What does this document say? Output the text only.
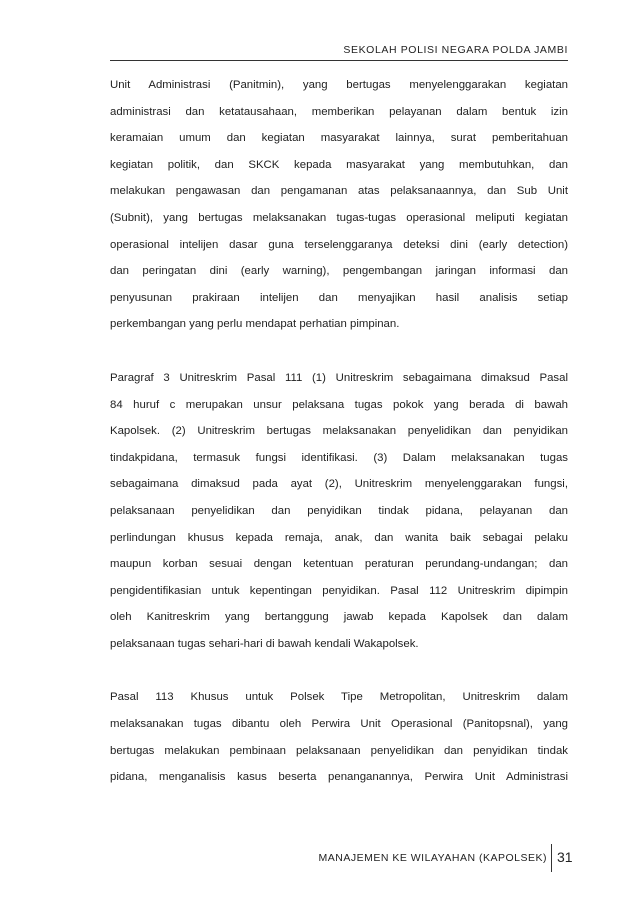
SEKOLAH POLISI NEGARA POLDA JAMBI

Unit Administrasi (Panitmin), yang bertugas menyelenggarakan kegiatan

administrasi dan ketatausahaan, memberikan pelayanan dalam bentuk izin

keramaian umum dan kegiatan masyarakat lainnya, surat pemberitahuan

kegiatan politik, dan SKCK kepada masyarakat yang membutuhkan, dan

melakukan pengawasan dan pengamanan atas pelaksanaannya, dan Sub Unit

(Subnit), yang bertugas melaksanakan tugas-tugas operasional meliputi kegiatan

operasional intelijen dasar guna terselenggaranya deteksi dini (early detection)

dan peringatan dini (early warning), pengembangan jaringan informasi dan

penyusunan prakiraan intelijen dan menyajikan hasil analisis setiap

perkembangan yang perlu mendapat perhatian pimpinan.

Paragraf 3 Unitreskrim Pasal 111 (1) Unitreskrim sebagaimana dimaksud Pasal

84 huruf c merupakan unsur pelaksana tugas pokok yang berada di bawah

Kapolsek. (2) Unitreskrim bertugas melaksanakan penyelidikan dan penyidikan

tindakpidana, termasuk fungsi identifikasi. (3) Dalam melaksanakan tugas

sebagaimana dimaksud pada ayat (2), Unitreskrim menyelenggarakan fungsi,

pelaksanaan penyelidikan dan penyidikan tindak pidana, pelayanan dan

perlindungan khusus kepada remaja, anak, dan wanita baik sebagai pelaku

maupun korban sesuai dengan ketentuan peraturan perundang-undangan; dan

pengidentifikasian untuk kepentingan penyidikan. Pasal 112 Unitreskrim dipimpin

oleh Kanitreskrim yang bertanggung jawab kepada Kapolsek dan dalam

pelaksanaan tugas sehari-hari di bawah kendali Wakapolsek.

Pasal 113 Khusus untuk Polsek Tipe Metropolitan, Unitreskrim dalam

melaksanakan tugas dibantu oleh Perwira Unit Operasional (Panitopsnal), yang

bertugas melakukan pembinaan pelaksanaan penyelidikan dan penyidikan tindak

pidana, menganalisis kasus beserta penanganannya, Perwira Unit Administrasi

MANAJEMEN KE WILAYAHAN (KAPOLSEK) 31
